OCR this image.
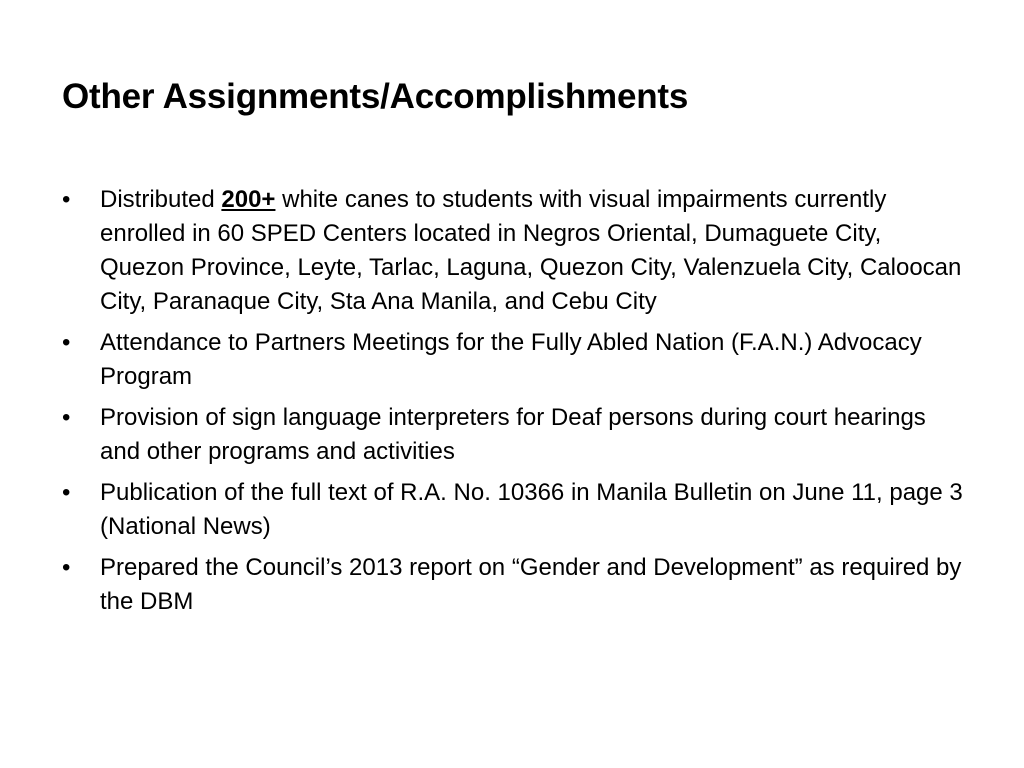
Other Assignments/Accomplishments
•	Distributed 200+ white canes to students with visual impairments currently enrolled in 60 SPED Centers located in Negros Oriental, Dumaguete City, Quezon Province, Leyte, Tarlac, Laguna, Quezon City, Valenzuela City, Caloocan City, Paranaque City, Sta Ana Manila, and Cebu City
•	Attendance to Partners Meetings for the Fully Abled Nation (F.A.N.) Advocacy Program
•	Provision of sign language interpreters for Deaf persons during court hearings and other programs and activities
•	Publication of the full text of R.A. No. 10366 in Manila Bulletin on June 11, page 3 (National News)
•	Prepared the Council’s 2013 report on “Gender and Development” as required by the DBM
